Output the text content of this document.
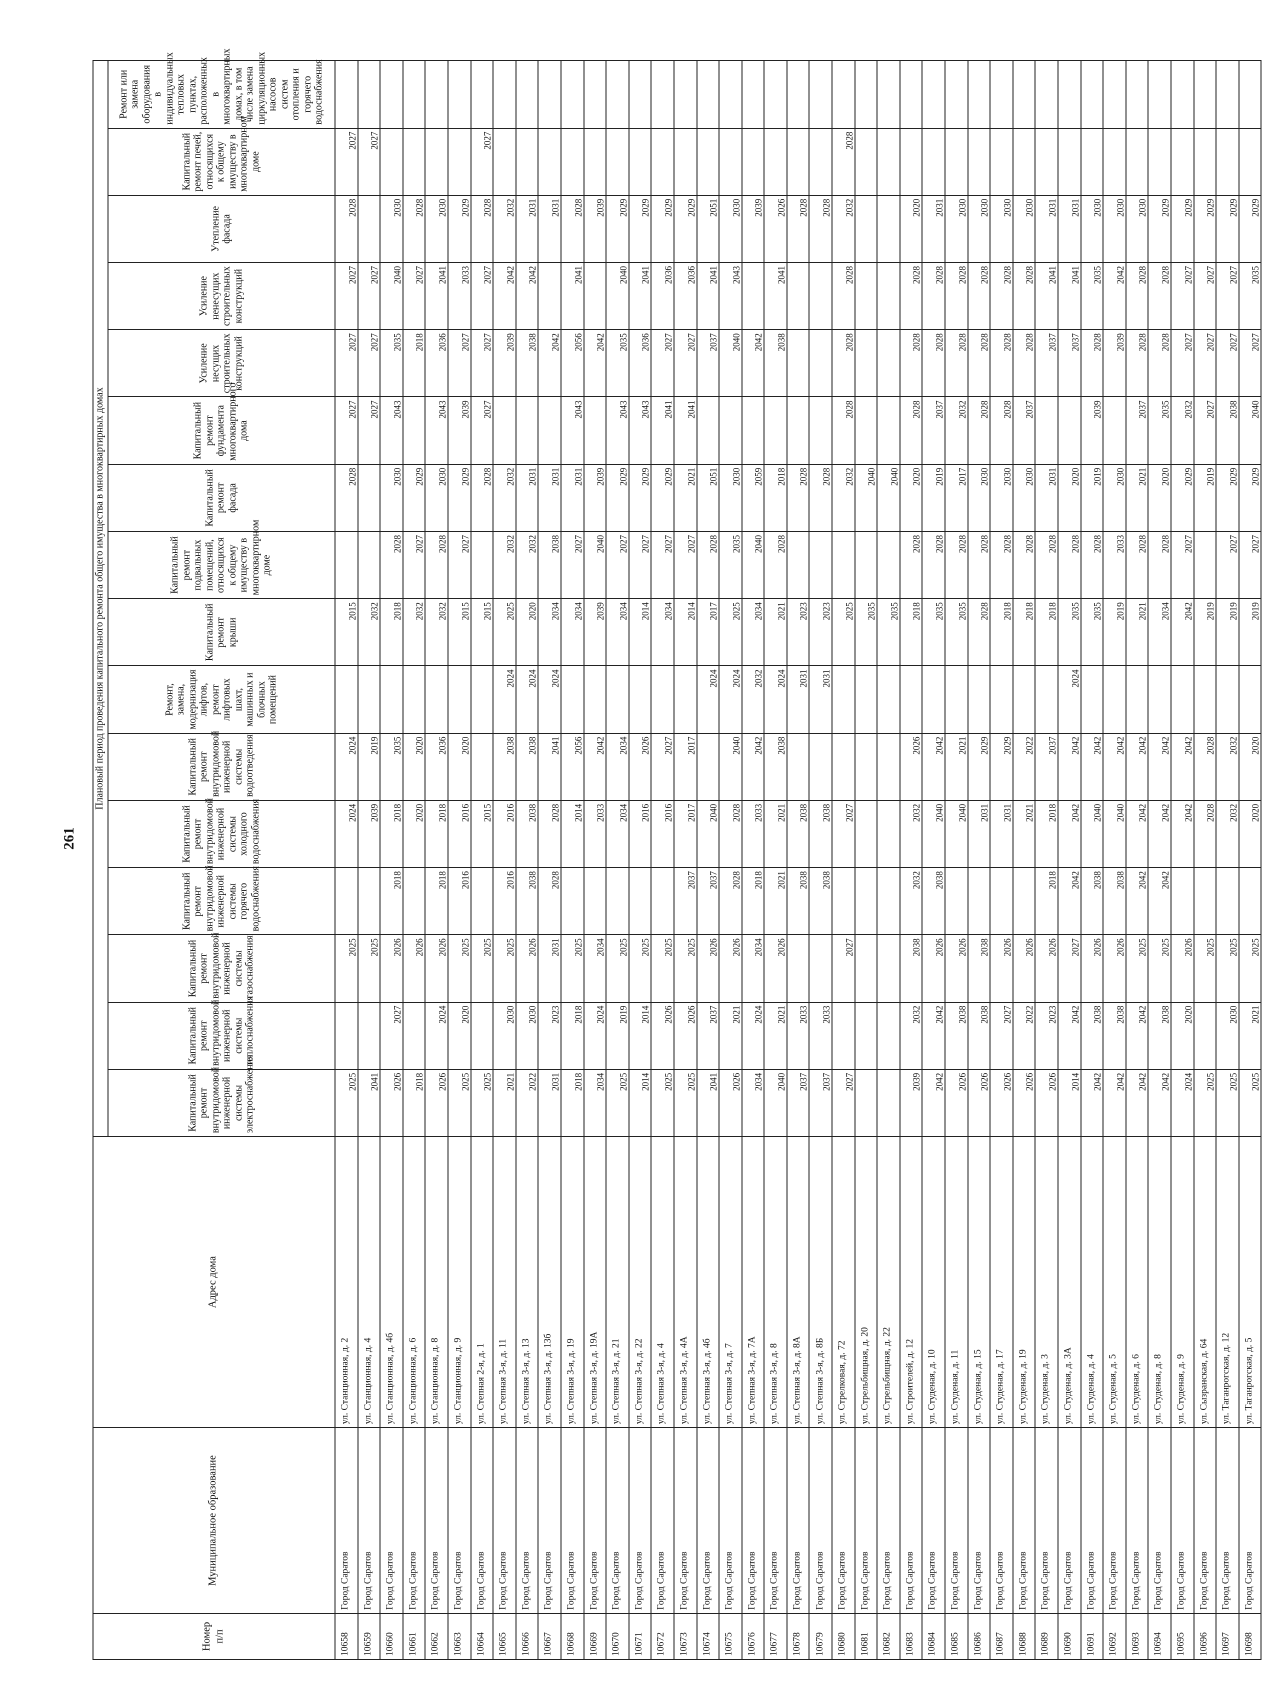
261
Номер п/п	Муниципальное образование	Адрес дома	Плановый период проведения капитального ремонта общего имущества в многоквартирных домах															
			Капитальный ремонт внутридомовой инженерной системы электроснабжения	Капитальный ремонт внутридомовой инженерной системы теплоснабжения	Капитальный ремонт внутридомовой инженерной системы газоснабжения	Капитальный ремонт внутридомовой инженерной системы горячего водоснабжения	Капитальный ремонт внутридомовой инженерной системы холодного водоснабжения	Капитальный ремонт внутридомовой инженерной системы водоотведения	Ремонт, замена, модернизация лифтов, ремонт лифтовых шахт, машинных и блочных помещений	Капитальный ремонт крыши	Капитальный ремонт подвальных помещений, относящихся к общему имуществу в многоквартирном доме	Капитальный ремонт фасада	Капитальный ремонт фундамента многоквартирного дома	Усиление несущих строительных конструкций	Усиление ненесущих строительных конструкций	Утепление фасада	Капитальный ремонт печей, относящихся к общему имуществу в многоквартирном доме	Ремонт или замена оборудования в индивидуальных тепловых пунктах, расположенных в многоквартирных домах, в том числе замена циркуляционных насосов систем отопления и горячего водоснабжения
10658	Город Саратов	ул. Станционная, д. 2	2025		2025		2024	2024		2015		2028	2027	2027	2027	2028	2027	
10659	Город Саратов	ул. Станционная, д. 4	2041		2025		2039	2019		2032			2027	2027	2027		2027	
10660	Город Саратов	ул. Станционная, д. 4б	2026	2027	2026	2018	2018	2035		2018	2028	2030	2043	2035	2040	2030		
10661	Город Саратов	ул. Станционная, д. 6	2018		2026		2020	2020		2032	2027	2029		2018	2027	2028		
10662	Город Саратов	ул. Станционная, д. 8	2026	2024	2026	2018	2018	2036		2032	2028	2030	2043	2036	2041	2030		
10663	Город Саратов	ул. Станционная, д. 9	2025	2020	2025	2016	2016	2020		2015	2027	2029	2039	2027	2033	2029		
10664	Город Саратов	ул. Степная 2-я, д. 1	2025		2025		2015			2015		2028	2027	2027	2027	2028	2027	
10665	Город Саратов	ул. Степная 3-я, д. 11	2021	2030	2025	2016	2016	2038	2024	2025	2032	2032		2039	2042	2032		
10666	Город Саратов	ул. Степная 3-я, д. 13	2022	2030	2026	2038	2038	2038	2024	2020	2032	2031		2038	2042	2031		
10667	Город Саратов	ул. Степная 3-я, д. 13б	2031	2023	2031	2028	2028	2041	2024	2034	2038	2031		2042		2031		
10668	Город Саратов	ул. Степная 3-я, д. 19	2018	2018	2025		2014	2056		2034	2027	2031	2043	2056	2041	2028		
10669	Город Саратов	ул. Степная 3-я, д. 19А	2034	2024	2034		2033	2042		2039	2040	2039		2042		2039		
10670	Город Саратов	ул. Степная 3-я, д. 21	2025	2019	2025		2034	2034		2034	2027	2029	2043	2035	2040	2029		
10671	Город Саратов	ул. Степная 3-я, д. 22	2014	2014	2025		2016	2026		2014	2027	2029	2043	2036	2041	2029		
10672	Город Саратов	ул. Степная 3-я, д. 4	2025	2026	2025		2016	2027		2034	2027	2029	2041	2027	2036	2029		
10673	Город Саратов	ул. Степная 3-я, д. 4А	2025	2026	2025	2037	2017	2017		2014	2027	2021	2041	2027	2036	2029		
10674	Город Саратов	ул. Степная 3-я, д. 4б	2041	2037	2026	2037	2040		2024	2017	2028	2051		2037	2041	2051		
10675	Город Саратов	ул. Степная 3-я, д. 7	2026	2021	2026	2028	2028	2040	2024	2025	2035	2030		2040	2043	2030		
10676	Город Саратов	ул. Степная 3-я, д. 7А	2034	2024	2034	2018	2033	2042	2032	2034	2040	2059		2042		2039		
10677	Город Саратов	ул. Степная 3-я, д. 8	2040	2021	2026	2021	2021	2038	2024	2021	2028	2018		2038	2041	2026		
10678	Город Саратов	ул. Степная 3-я, д. 8А	2037	2033		2038	2038		2031	2023		2028				2028		
10679	Город Саратов	ул. Степная 3-я, д. 8Б	2037	2033		2038	2038		2031	2023		2028				2028		
10680	Город Саратов	ул. Стрелковая, д. 72	2027		2027		2027			2025		2032	2028	2028	2028	2032	2028	
10681	Город Саратов	ул. Стрельбищная, д. 20								2035		2040						
10682	Город Саратов	ул. Стрельбищная, д. 22								2035		2040						
10683	Город Саратов	ул. Строителей, д. 12	2039	2032	2038	2032	2032	2026		2018	2028	2020	2028	2028	2028	2020		
10684	Город Саратов	ул. Студеная, д. 10	2042	2042	2026	2038	2040	2042		2035	2028	2019	2037	2028	2028	2031		
10685	Город Саратов	ул. Студеная, д. 11	2026	2038	2026		2040	2021		2035	2028	2017	2032	2028	2028	2030		
10686	Город Саратов	ул. Студеная, д. 15	2026	2038	2038		2031	2029		2028	2028	2030	2028	2028	2028	2030		
10687	Город Саратов	ул. Студеная, д. 17	2026	2027	2026		2031	2029		2018	2028	2030	2028	2028	2028	2030		
10688	Город Саратов	ул. Студеная, д. 19	2026	2022	2026		2021	2022		2018	2028	2030	2037	2028	2028	2030		
10689	Город Саратов	ул. Студеная, д. 3	2026	2023	2026	2018	2018	2037		2018	2028	2031		2037	2041	2031		
10690	Город Саратов	ул. Студеная, д. 3А	2014	2042	2027	2042	2042	2042	2024	2035	2028	2020		2037	2041	2031		
10691	Город Саратов	ул. Студеная, д. 4	2042	2038	2026	2038	2040	2042		2035	2028	2019	2039	2028	2035	2030		
10692	Город Саратов	ул. Студеная, д. 5	2042	2038	2026	2038	2040	2042		2019	2033	2030		2039	2042	2030		
10693	Город Саратов	ул. Студеная, д. 6	2042	2042	2025	2042	2042	2042		2021	2028	2021	2037	2028	2028	2030		
10694	Город Саратов	ул. Студеная, д. 8	2042	2038	2025	2042	2042	2042		2034	2028	2020	2035	2028	2028	2029		
10695	Город Саратов	ул. Студеная, д. 9	2024	2020	2026		2042	2042		2042	2027	2029	2032	2027	2027	2029		
10696	Город Саратов	ул. Сызранская, д. 64	2025		2025		2028	2028		2019		2019	2027	2027	2027	2029		
10697	Город Саратов	ул. Таганрогская, д. 12	2025	2030	2025		2032	2032		2019	2027	2029	2038	2027	2027	2029		
10698	Город Саратов	ул. Таганрогская, д. 5	2025	2021	2025		2020	2020		2019	2027	2029	2040	2027	2035	2029		
